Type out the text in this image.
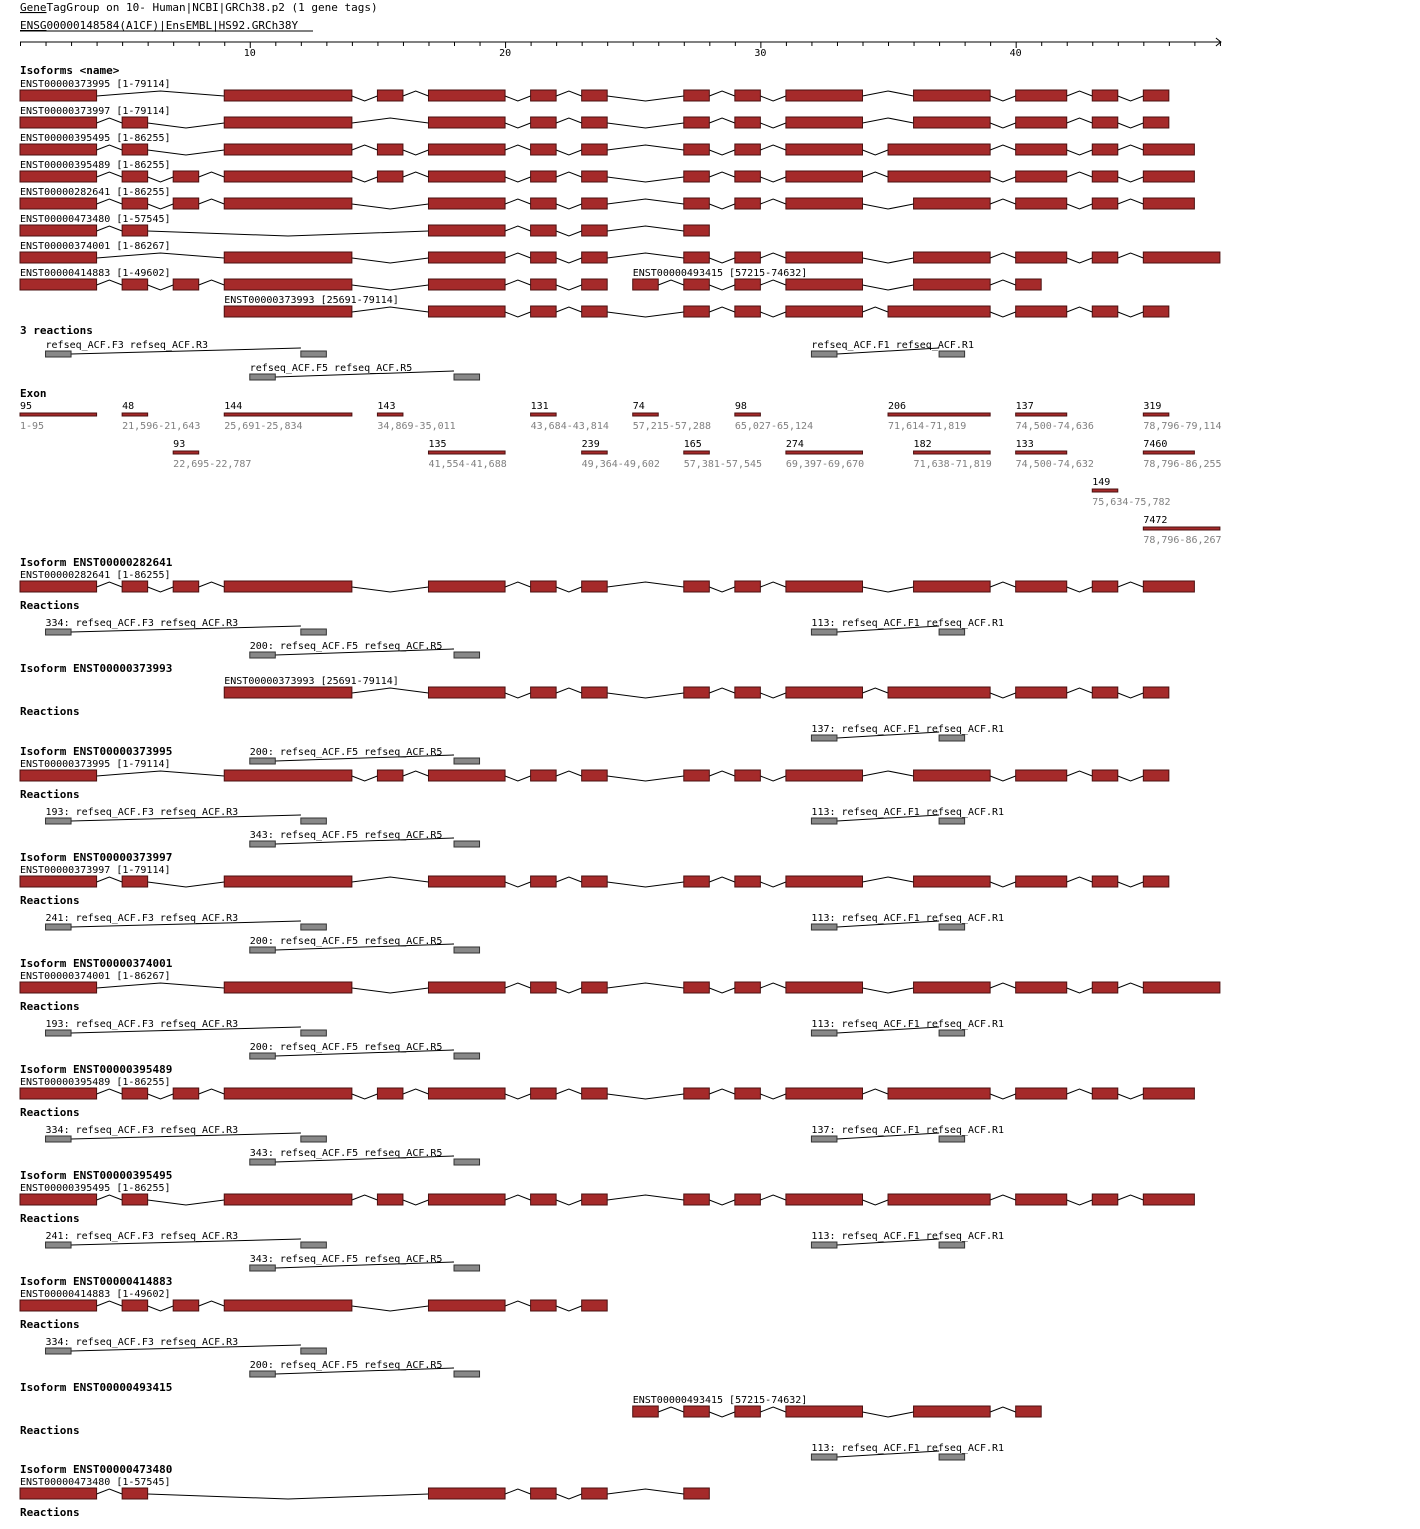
GeneTagGroup on 10- Human|NCBI|GRCh38.p2 (1 gene tags)
ENSG00000148584(A1CF)|EnsEMBL|HS92.GRCh38Y
10	20	30	40
Isoforms <name>
ENST00000373995 [1-79114]
ENST00000373997 [1-79114]
ENST00000395495 [1-86255]
ENST00000395489 [1-86255]
ENST00000282641 [1-86255]
ENST00000473480 [1-57545]
ENST00000374001 [1-86267]
ENST00000414883 [1-49602]	ENST00000493415 [57215-74632]
ENST00000373993 [25691-79114]
3 reactions
refseq_ACF.F3 refseq_ACF.R3	refseq_ACF.F1 refseq_ACF.R1
refseq_ACF.F5 refseq_ACF.R5
Exon
95
1-95
48
21,596-21,643
144
25,691-25,834
143
34,869-35,011
131
43,684-43,814
74
57,215-57,288
98
65,027-65,124
206
71,614-71,819
137
74,500-74,636
319
78,796-79,114
93
22,695-22,787
135
41,554-41,688
239
49,364-49,602
165
57,381-57,545
274
69,397-69,670
182
71,638-71,819
133
74,500-74,632
7460
78,796-86,255
149
75,634-75,782
7472
78,796-86,267
Isoform ENST00000282641
ENST00000282641 [1-86255]
Reactions
334: refseq_ACF.F3 refseq_ACF.R3	113: refseq_ACF.F1 refseq_ACF.R1
200: refseq_ACF.F5 refseq_ACF.R5
Isoform ENST00000373993
ENST00000373993 [25691-79114]
Reactions
200: refseq_ACF.F5 refseq_ACF.R5
137: refseq_ACF.F1 refseq_ACF.R1
Isoform ENST00000373995
ENST00000373995 [1-79114]
Reactions
193: refseq_ACF.F3 refseq_ACF.R3	113: refseq_ACF.F1 refseq_ACF.R1
343: refseq_ACF.F5 refseq_ACF.R5
Isoform ENST00000373997
ENST00000373997 [1-79114]
Reactions
241: refseq_ACF.F3 refseq_ACF.R3	113: refseq_ACF.F1 refseq_ACF.R1
200: refseq_ACF.F5 refseq_ACF.R5
Isoform ENST00000374001
ENST00000374001 [1-86267]
Reactions
193: refseq_ACF.F3 refseq_ACF.R3	113: refseq_ACF.F1 refseq_ACF.R1
200: refseq_ACF.F5 refseq_ACF.R5
Isoform ENST00000395489
ENST00000395489 [1-86255]
Reactions
334: refseq_ACF.F3 refseq_ACF.R3	137: refseq_ACF.F1 refseq_ACF.R1
343: refseq_ACF.F5 refseq_ACF.R5
Isoform ENST00000395495
ENST00000395495 [1-86255]
Reactions
241: refseq_ACF.F3 refseq_ACF.R3	113: refseq_ACF.F1 refseq_ACF.R1
343: refseq_ACF.F5 refseq_ACF.R5
Isoform ENST00000414883
ENST00000414883 [1-49602]
Reactions
334: refseq_ACF.F3 refseq_ACF.R3
200: refseq_ACF.F5 refseq_ACF.R5
Isoform ENST00000493415
ENST00000493415 [57215-74632]
Reactions
113: refseq_ACF.F1 refseq_ACF.R1
Isoform ENST00000473480
ENST00000473480 [1-57545]
Reactions
